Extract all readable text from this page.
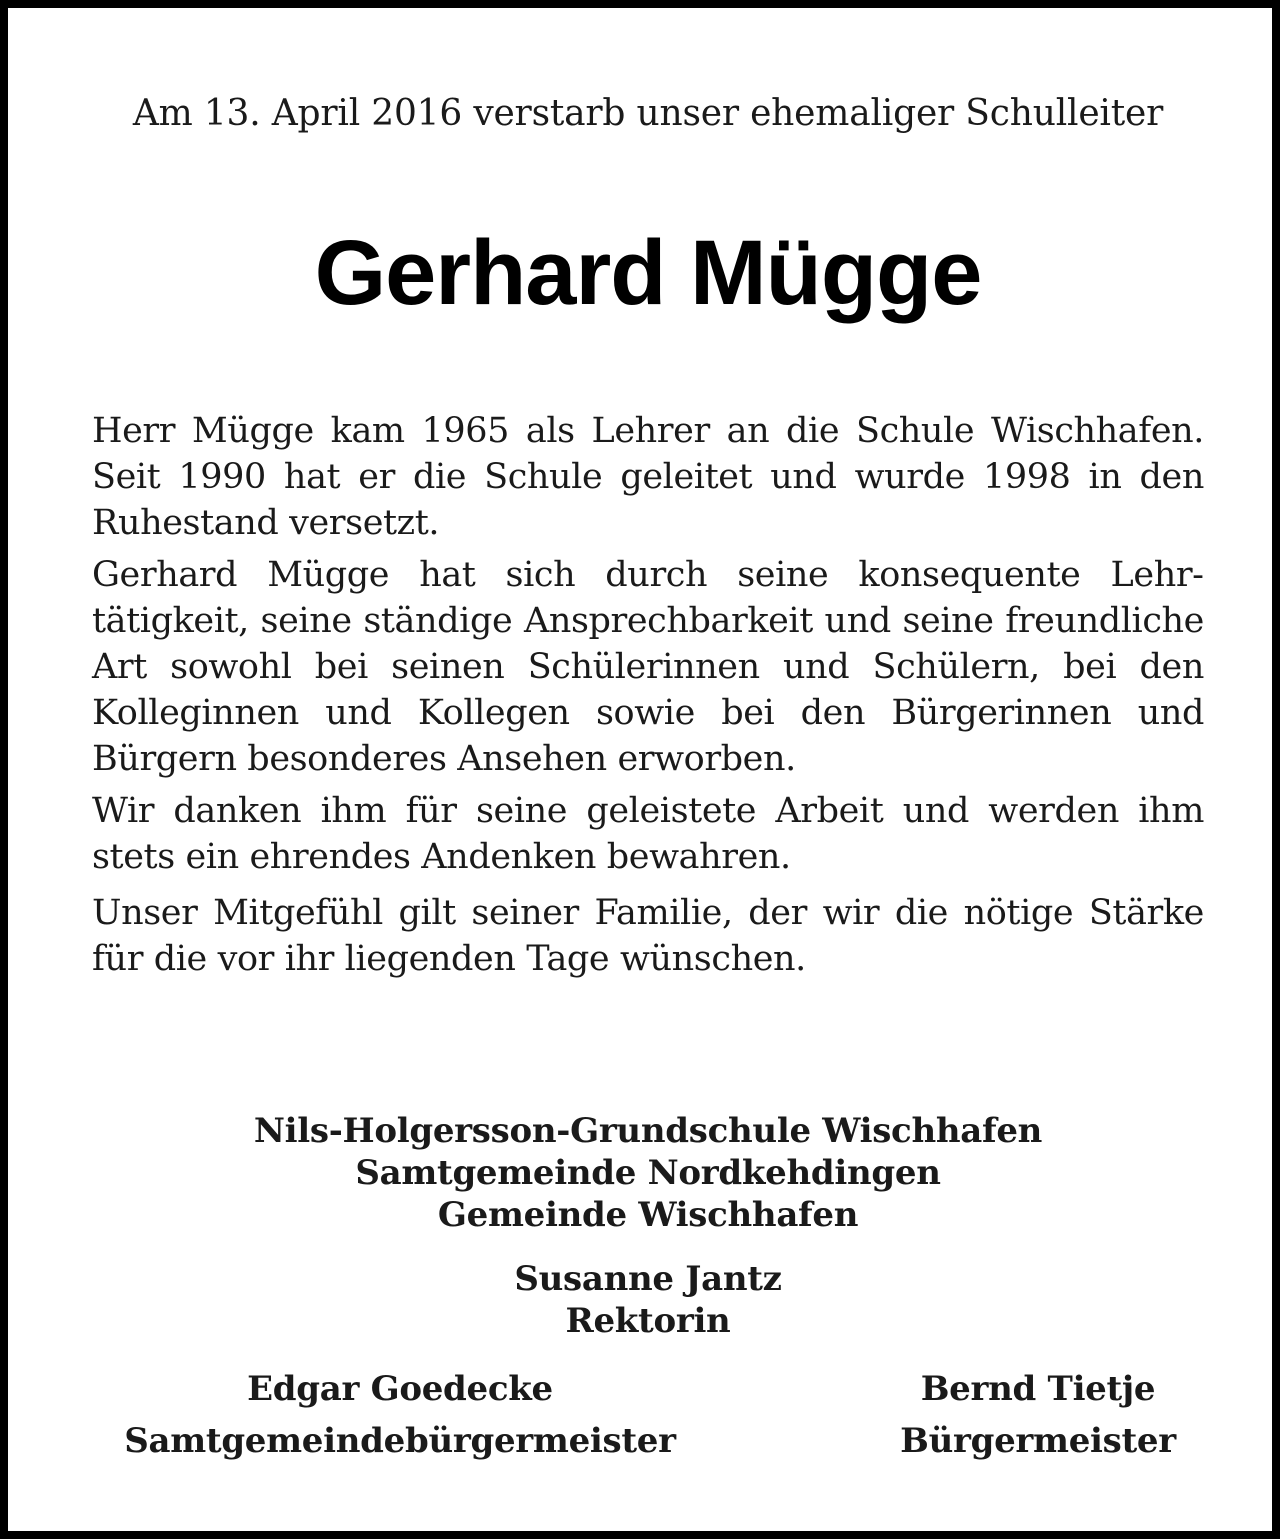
Am 13. April 2016 verstarb unser ehemaliger Schulleiter
Gerhard Mügge

Herr Mügge kam 1965 als Lehrer an die Schule Wischhafen. Seit 1990 hat er die Schule geleitet und wurde 1998 in den Ruhestand versetzt.

Gerhard Mügge hat sich durch seine konsequente Lehrtätigkeit, seine ständige Ansprechbarkeit und seine freundliche Art sowohl bei seinen Schülerinnen und Schülern, bei den Kolleginnen und Kollegen sowie bei den Bürgerinnen und Bürgern besonderes Ansehen erworben.

Wir danken ihm für seine geleistete Arbeit und werden ihm stets ein ehrendes Andenken bewahren.

Unser Mitgefühl gilt seiner Familie, der wir die nötige Stärke für die vor ihr liegenden Tage wünschen.

Nils-Holgersson-Grundschule Wischhafen
Samtgemeinde Nordkehdingen
Gemeinde Wischhafen
Susanne Jantz
Rektorin
Edgar Goedecke
Samtgemeindebürgermeister
Bernd Tietje
Bürgermeister
